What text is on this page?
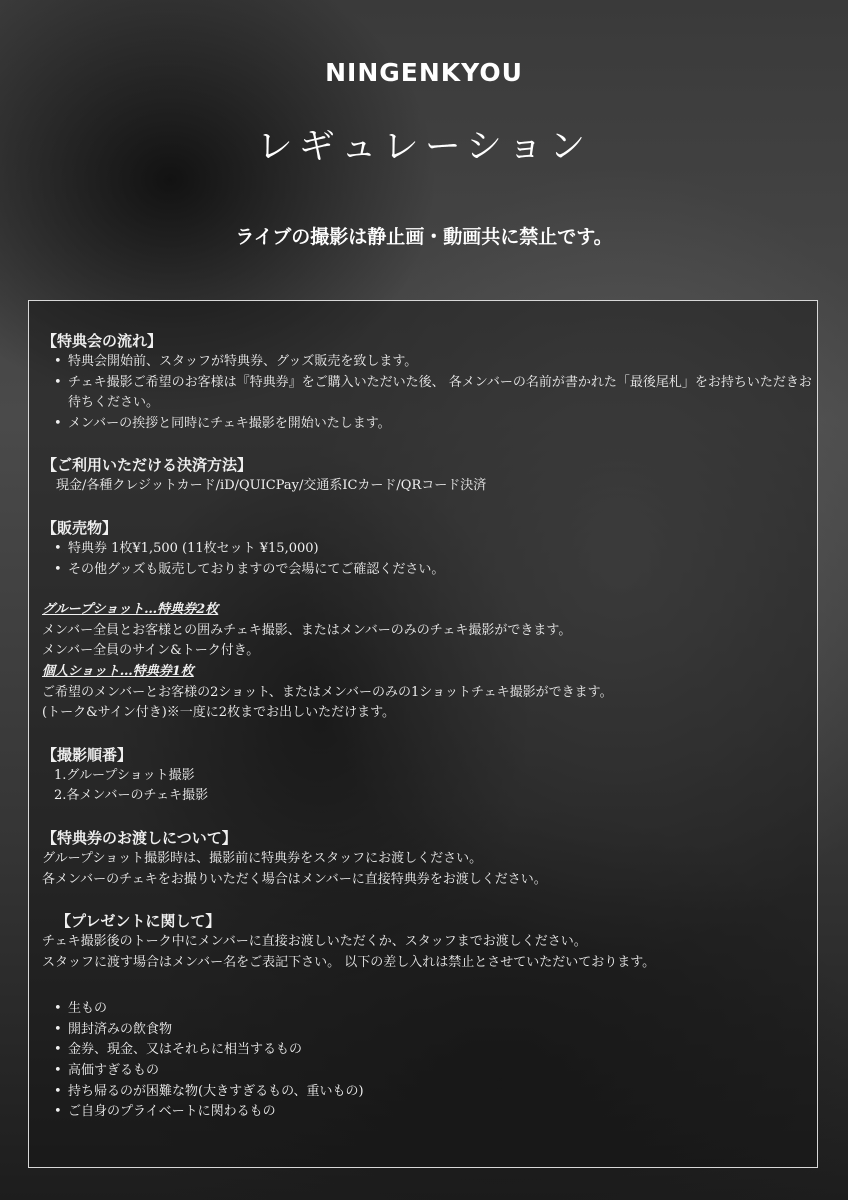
NINGENKYOU
レギュレーション
ライブの撮影は静止画・動画共に禁止です。

【特典会の流れ】

• 特典会開始前、スタッフが特典券、グッズ販売を致します。
• チェキ撮影ご希望のお客様は『特典券』をご購入いただいた後、 各メンバーの名前が書かれた「最後尾札」をお持ちいただきお待ちください。
• メンバーの挨拶と同時にチェキ撮影を開始いたします。

【ご利用いただける決済方法】

現金/各種クレジットカード/iD/QUICPay/交通系ICカード/QRコード決済

【販売物】

• 特典券 1枚¥1,500 (11枚セット ¥15,000)
• その他グッズも販売しておりますので会場にてご確認ください。

グループショット…特典券2枚

メンバー全員とお客様との囲みチェキ撮影、またはメンバーのみのチェキ撮影ができます。

メンバー全員のサイン&トーク付き。

個人ショット…特典券1枚

ご希望のメンバーとお客様の2ショット、またはメンバーのみの1ショットチェキ撮影ができます。

(トーク&サイン付き)※一度に2枚までお出しいただけます。

【撮影順番】

1.グループショット撮影
2.各メンバーのチェキ撮影

【特典券のお渡しについて】

グループショット撮影時は、撮影前に特典券をスタッフにお渡しください。

各メンバーのチェキをお撮りいただく場合はメンバーに直接特典券をお渡しください。

【プレゼントに関して】

チェキ撮影後のトーク中にメンバーに直接お渡しいただくか、スタッフまでお渡しください。

スタッフに渡す場合はメンバー名をご表記下さい。 以下の差し入れは禁止とさせていただいております。

• 生もの
• 開封済みの飲食物
• 金券、現金、又はそれらに相当するもの
• 高価すぎるもの
• 持ち帰るのが困難な物(大きすぎるもの、重いもの)
• ご自身のプライベートに関わるもの
